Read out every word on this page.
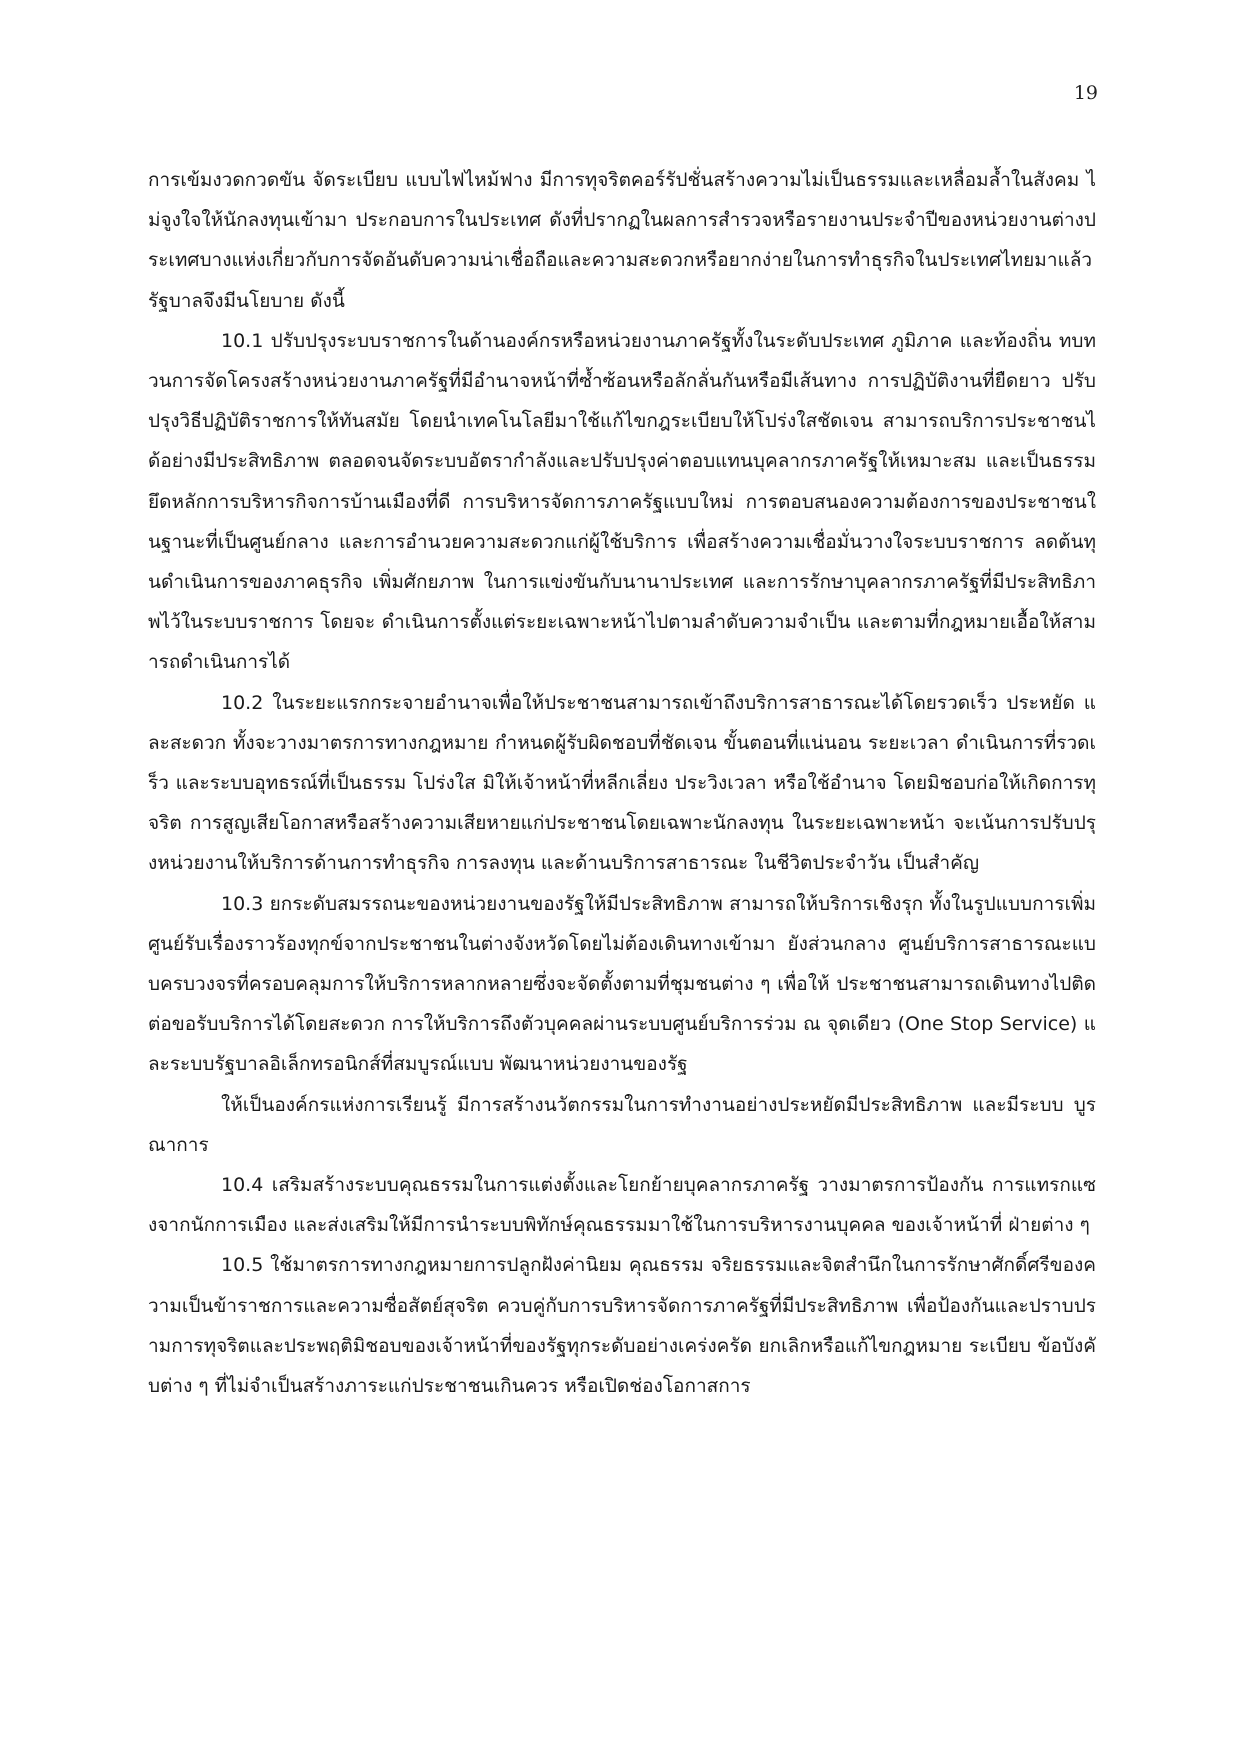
19

การเข้มงวดกวดขัน จัดระเบียบ แบบไฟไหม้ฟาง มีการทุจริตคอร์รัปชั่นสร้างความไม่เป็นธรรมและเหลื่อมล้ำในสังคม ไม่จูงใจให้นักลงทุนเข้ามา ประกอบการในประเทศ ดังที่ปรากฏในผลการสำรวจหรือรายงานประจำปีของหน่วยงานต่างประเทศบางแห่งเกี่ยวกับการจัดอันดับความน่าเชื่อถือและความสะดวกหรือยากง่ายในการทำธุรกิจในประเทศไทยมาแล้ว รัฐบาลจึงมีนโยบาย ดังนี้

10.1 ปรับปรุงระบบราชการในด้านองค์กรหรือหน่วยงานภาครัฐทั้งในระดับประเทศ ภูมิภาค และท้องถิ่น ทบทวนการจัดโครงสร้างหน่วยงานภาครัฐที่มีอำนาจหน้าที่ซ้ำซ้อนหรือลักลั่นกันหรือมีเส้นทาง การปฏิบัติงานที่ยืดยาว ปรับปรุงวิธีปฏิบัติราชการให้ทันสมัย โดยนำเทคโนโลยีมาใช้แก้ไขกฎระเบียบให้โปร่งใสชัดเจน สามารถบริการประชาชนได้อย่างมีประสิทธิภาพ ตลอดจนจัดระบบอัตรากำลังและปรับปรุงค่าตอบแทนบุคลากรภาครัฐให้เหมาะสม และเป็นธรรม ยึดหลักการบริหารกิจการบ้านเมืองที่ดี การบริหารจัดการภาครัฐแบบใหม่ การตอบสนองความต้องการของประชาชนในฐานะที่เป็นศูนย์กลาง และการอำนวยความสะดวกแก่ผู้ใช้บริการ เพื่อสร้างความเชื่อมั่นวางใจระบบราชการ ลดต้นทุนดำเนินการของภาคธุรกิจ เพิ่มศักยภาพ ในการแข่งขันกับนานาประเทศ และการรักษาบุคลากรภาครัฐที่มีประสิทธิภาพไว้ในระบบราชการ โดยจะ ดำเนินการตั้งแต่ระยะเฉพาะหน้าไปตามลำดับความจำเป็น และตามที่กฎหมายเอื้อให้สามารถดำเนินการได้

10.2 ในระยะแรกกระจายอำนาจเพื่อให้ประชาชนสามารถเข้าถึงบริการสาธารณะได้โดยรวดเร็ว ประหยัด และสะดวก ทั้งจะวางมาตรการทางกฎหมาย กำหนดผู้รับผิดชอบที่ชัดเจน ขั้นตอนที่แน่นอน ระยะเวลา ดำเนินการที่รวดเร็ว และระบบอุทธรณ์ที่เป็นธรรม โปร่งใส มิให้เจ้าหน้าที่หลีกเลี่ยง ประวิงเวลา หรือใช้อำนาจ โดยมิชอบก่อให้เกิดการทุจริต การสูญเสียโอกาสหรือสร้างความเสียหายแก่ประชาชนโดยเฉพาะนักลงทุน ในระยะเฉพาะหน้า จะเน้นการปรับปรุงหน่วยงานให้บริการด้านการทำธุรกิจ การลงทุน และด้านบริการสาธารณะ ในชีวิตประจำวัน เป็นสำคัญ

10.3 ยกระดับสมรรถนะของหน่วยงานของรัฐให้มีประสิทธิภาพ สามารถให้บริการเชิงรุก ทั้งในรูปแบบการเพิ่มศูนย์รับเรื่องราวร้องทุกข์จากประชาชนในต่างจังหวัดโดยไม่ต้องเดินทางเข้ามา ยังส่วนกลาง ศูนย์บริการสาธารณะแบบครบวงจรที่ครอบคลุมการให้บริการหลากหลายซึ่งจะจัดตั้งตามที่ชุมชนต่าง ๆ เพื่อให้ ประชาชนสามารถเดินทางไปติดต่อขอรับบริการได้โดยสะดวก การให้บริการถึงตัวบุคคลผ่านระบบศูนย์บริการร่วม ณ จุดเดียว (One Stop Service) และระบบรัฐบาลอิเล็กทรอนิกส์ที่สมบูรณ์แบบ พัฒนาหน่วยงานของรัฐ

ให้เป็นองค์กรแห่งการเรียนรู้ มีการสร้างนวัตกรรมในการทำงานอย่างประหยัดมีประสิทธิภาพ และมีระบบ บูรณาการ

10.4 เสริมสร้างระบบคุณธรรมในการแต่งตั้งและโยกย้ายบุคลากรภาครัฐ วางมาตรการป้องกัน การแทรกแซงจากนักการเมือง และส่งเสริมให้มีการนำระบบพิทักษ์คุณธรรมมาใช้ในการบริหารงานบุคคล ของเจ้าหน้าที่ ฝ่ายต่าง ๆ

10.5 ใช้มาตรการทางกฎหมายการปลูกฝังค่านิยม คุณธรรม จริยธรรมและจิตสำนึกในการรักษาศักดิ์ศรีของความเป็นข้าราชการและความซื่อสัตย์สุจริต ควบคู่กับการบริหารจัดการภาครัฐที่มีประสิทธิภาพ เพื่อป้องกันและปราบปรามการทุจริตและประพฤติมิชอบของเจ้าหน้าที่ของรัฐทุกระดับอย่างเคร่งครัด ยกเลิกหรือแก้ไขกฎหมาย ระเบียบ ข้อบังคับต่าง ๆ ที่ไม่จำเป็นสร้างภาระแก่ประชาชนเกินควร หรือเปิดช่องโอกาสการ
